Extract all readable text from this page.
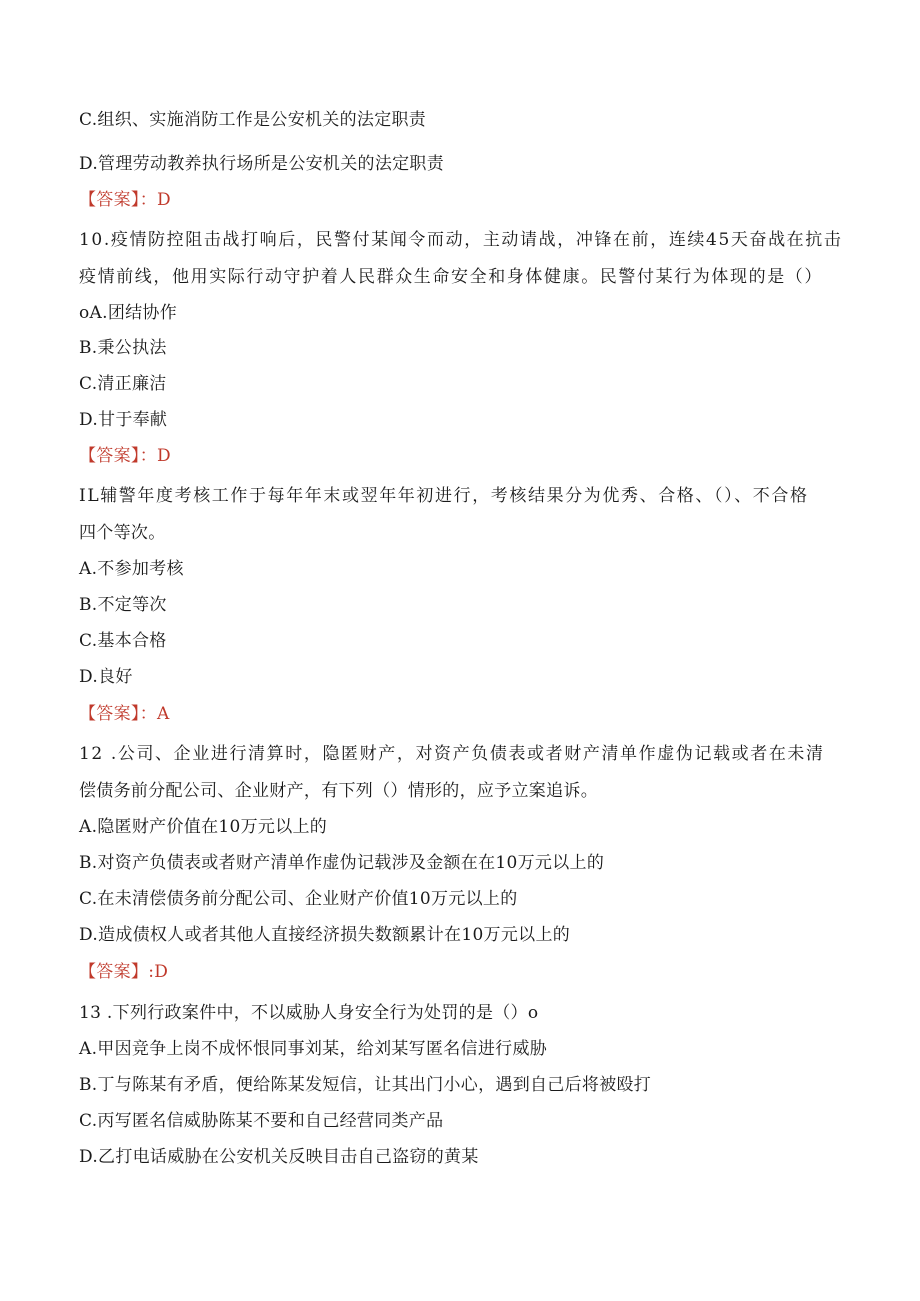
C.组织、实施消防工作是公安机关的法定职责
D.管理劳动教养执行场所是公安机关的法定职责
【答案】：D
10.疫情防控阻击战打响后，民警付某闻令而动，主动请战，冲锋在前，连续45天奋战在抗击
疫情前线，他用实际行动守护着人民群众生命安全和身体健康。民警付某行为体现的是（）
oA.团结协作
B.秉公执法
C.清正廉洁
D.甘于奉献
【答案】：D
IL辅警年度考核工作于每年年末或翌年年初进行，考核结果分为优秀、合格、（）、不合格
四个等次。
A.不参加考核
B.不定等次
C.基本合格
D.良好
【答案】：A
12 .公司、企业进行清算时，隐匿财产，对资产负债表或者财产清单作虚伪记载或者在未清
偿债务前分配公司、企业财产，有下列（）情形的，应予立案追诉。
A.隐匿财产价值在10万元以上的
B.对资产负债表或者财产清单作虚伪记载涉及金额在在10万元以上的
C.在未清偿债务前分配公司、企业财产价值10万元以上的
D.造成债权人或者其他人直接经济损失数额累计在10万元以上的
【答案】:D
13 .下列行政案件中，不以威胁人身安全行为处罚的是（）o
A.甲因竞争上岗不成怀恨同事刘某，给刘某写匿名信进行威胁
B.丁与陈某有矛盾，便给陈某发短信，让其出门小心，遇到自己后将被殴打
C.丙写匿名信威胁陈某不要和自己经营同类产品
D.乙打电话威胁在公安机关反映目击自己盗窃的黄某
